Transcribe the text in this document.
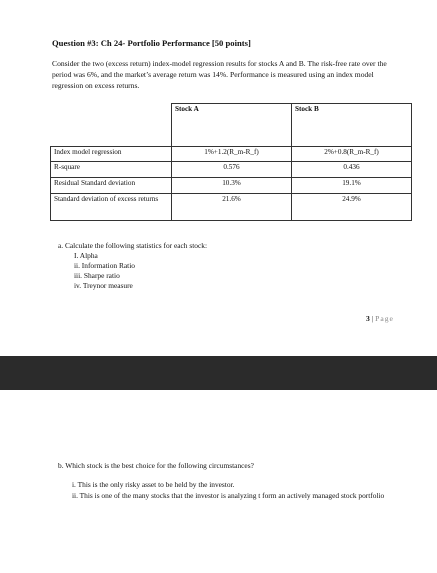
Question #3: Ch 24- Portfolio Performance [50 points]
Consider the two (excess return) index-model regression results for stocks A and B. The risk-free rate over the period was 6%, and the market’s average return was 14%. Performance is measured using an index model regression on excess returns.
	Stock A	Stock B
Index model regression	1%+1.2(R_m-R_f)	2%+0.8(R_m-R_f)
R-square	0.576	0.436
Residual Standard deviation	10.3%	19.1%
Standard deviation of excess returns	21.6%	24.9%
a. Calculate the following statistics for each stock:
I. Alpha
ii. Information Ratio
iii. Sharpe ratio
iv. Treynor measure
3 | Page
b. Which stock is the best choice for the following circumstances?
i. This is the only risky asset to be held by the investor.
ii. This is one of the many stocks that the investor is analyzing t form an actively managed stock portfolio
